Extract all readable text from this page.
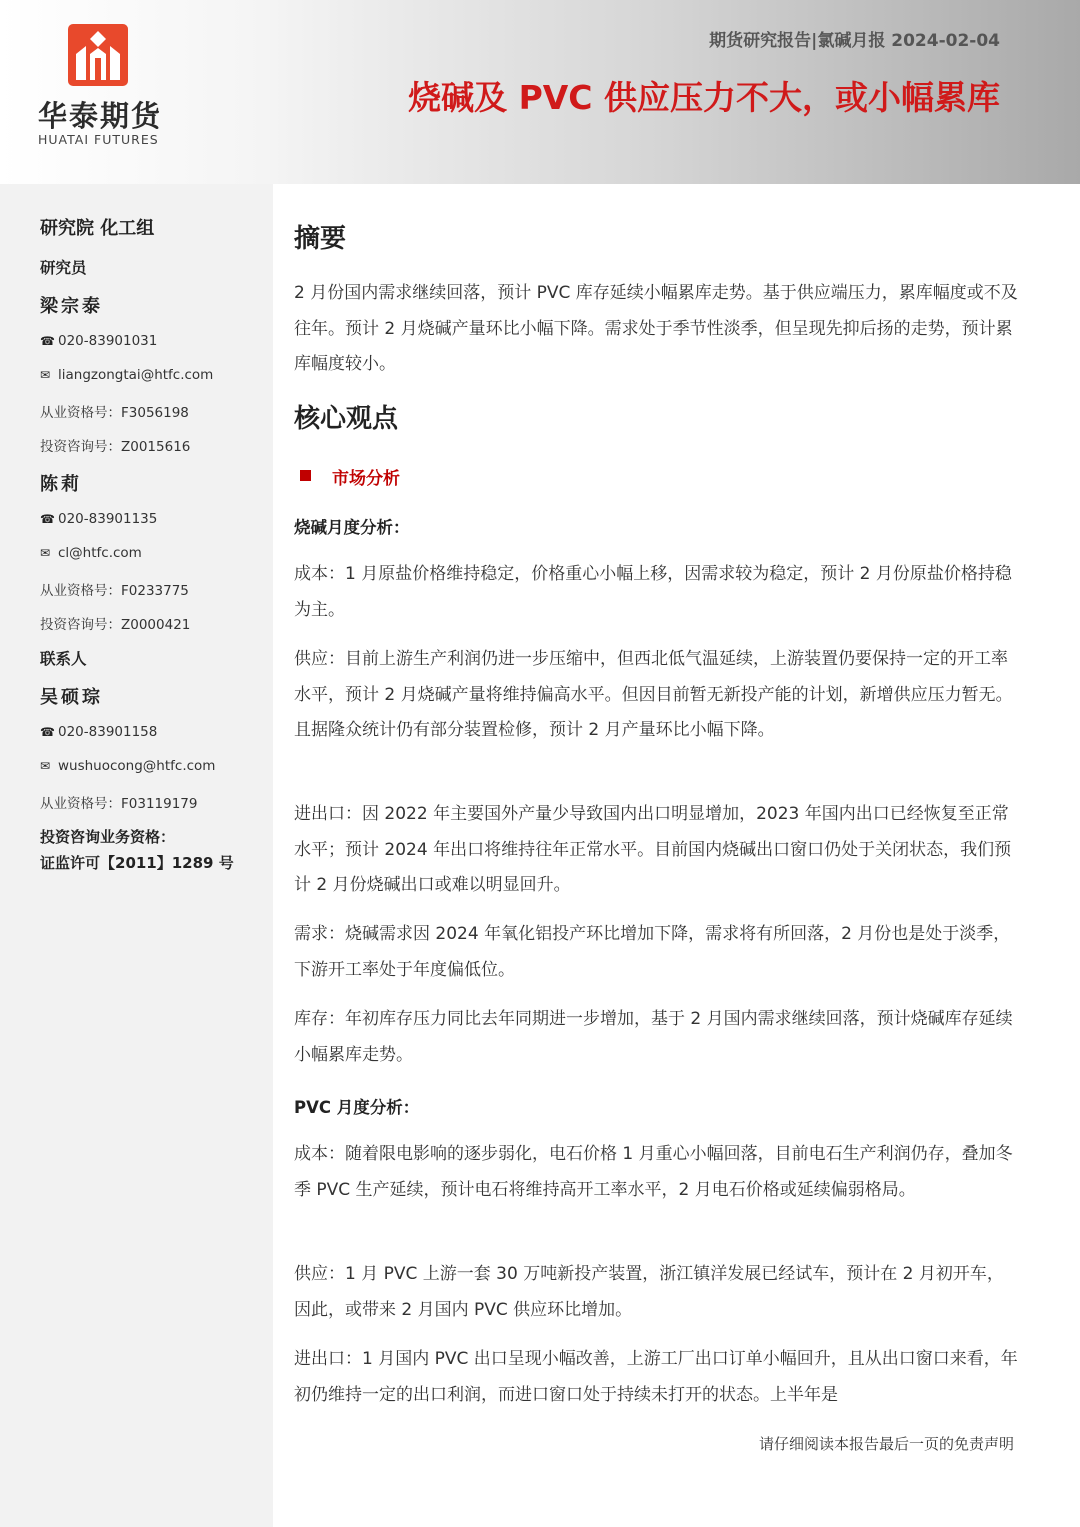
华泰期货
HUATAI FUTURES
期货研究报告|氯碱月报 2024-02-04
烧碱及 PVC 供应压力不大，或小幅累库
研究院 化工组
研究员
梁宗泰
☎ 020-83901031
✉ liangzongtai@htfc.com
从业资格号：F3056198
投资咨询号：Z0015616
陈莉
☎ 020-83901135
✉ cl@htfc.com
从业资格号：F0233775
投资咨询号：Z0000421
联系人
吴硕琮
☎ 020-83901158
✉ wushuocong@htfc.com
从业资格号：F03119179
投资咨询业务资格：
证监许可【2011】1289 号
摘要

2 月份国内需求继续回落，预计 PVC 库存延续小幅累库走势。基于供应端压力，累库幅度或不及往年。预计 2 月烧碱产量环比小幅下降。需求处于季节性淡季，但呈现先抑后扬的走势，预计累库幅度较小。

核心观点
市场分析
烧碱月度分析：

成本：1 月原盐价格维持稳定，价格重心小幅上移，因需求较为稳定，预计 2 月份原盐价格持稳为主。

供应：目前上游生产利润仍进一步压缩中，但西北低气温延续，上游装置仍要保持一定的开工率水平，预计 2 月烧碱产量将维持偏高水平。但因目前暂无新投产能的计划，新增供应压力暂无。且据隆众统计仍有部分装置检修，预计 2 月产量环比小幅下降。

进出口：因 2022 年主要国外产量少导致国内出口明显增加，2023 年国内出口已经恢复至正常水平；预计 2024 年出口将维持往年正常水平。目前国内烧碱出口窗口仍处于关闭状态，我们预计 2 月份烧碱出口或难以明显回升。

需求：烧碱需求因 2024 年氧化铝投产环比增加下降，需求将有所回落，2 月份也是处于淡季，下游开工率处于年度偏低位。

库存：年初库存压力同比去年同期进一步增加，基于 2 月国内需求继续回落，预计烧碱库存延续小幅累库走势。

PVC 月度分析：

成本：随着限电影响的逐步弱化，电石价格 1 月重心小幅回落，目前电石生产利润仍存，叠加冬季 PVC 生产延续，预计电石将维持高开工率水平，2 月电石价格或延续偏弱格局。

供应：1 月 PVC 上游一套 30 万吨新投产装置，浙江镇洋发展已经试车，预计在 2 月初开车，因此，或带来 2 月国内 PVC 供应环比增加。

进出口：1 月国内 PVC 出口呈现小幅改善，上游工厂出口订单小幅回升，且从出口窗口来看，年初仍维持一定的出口利润，而进口窗口处于持续未打开的状态。上半年是

请仔细阅读本报告最后一页的免责声明
